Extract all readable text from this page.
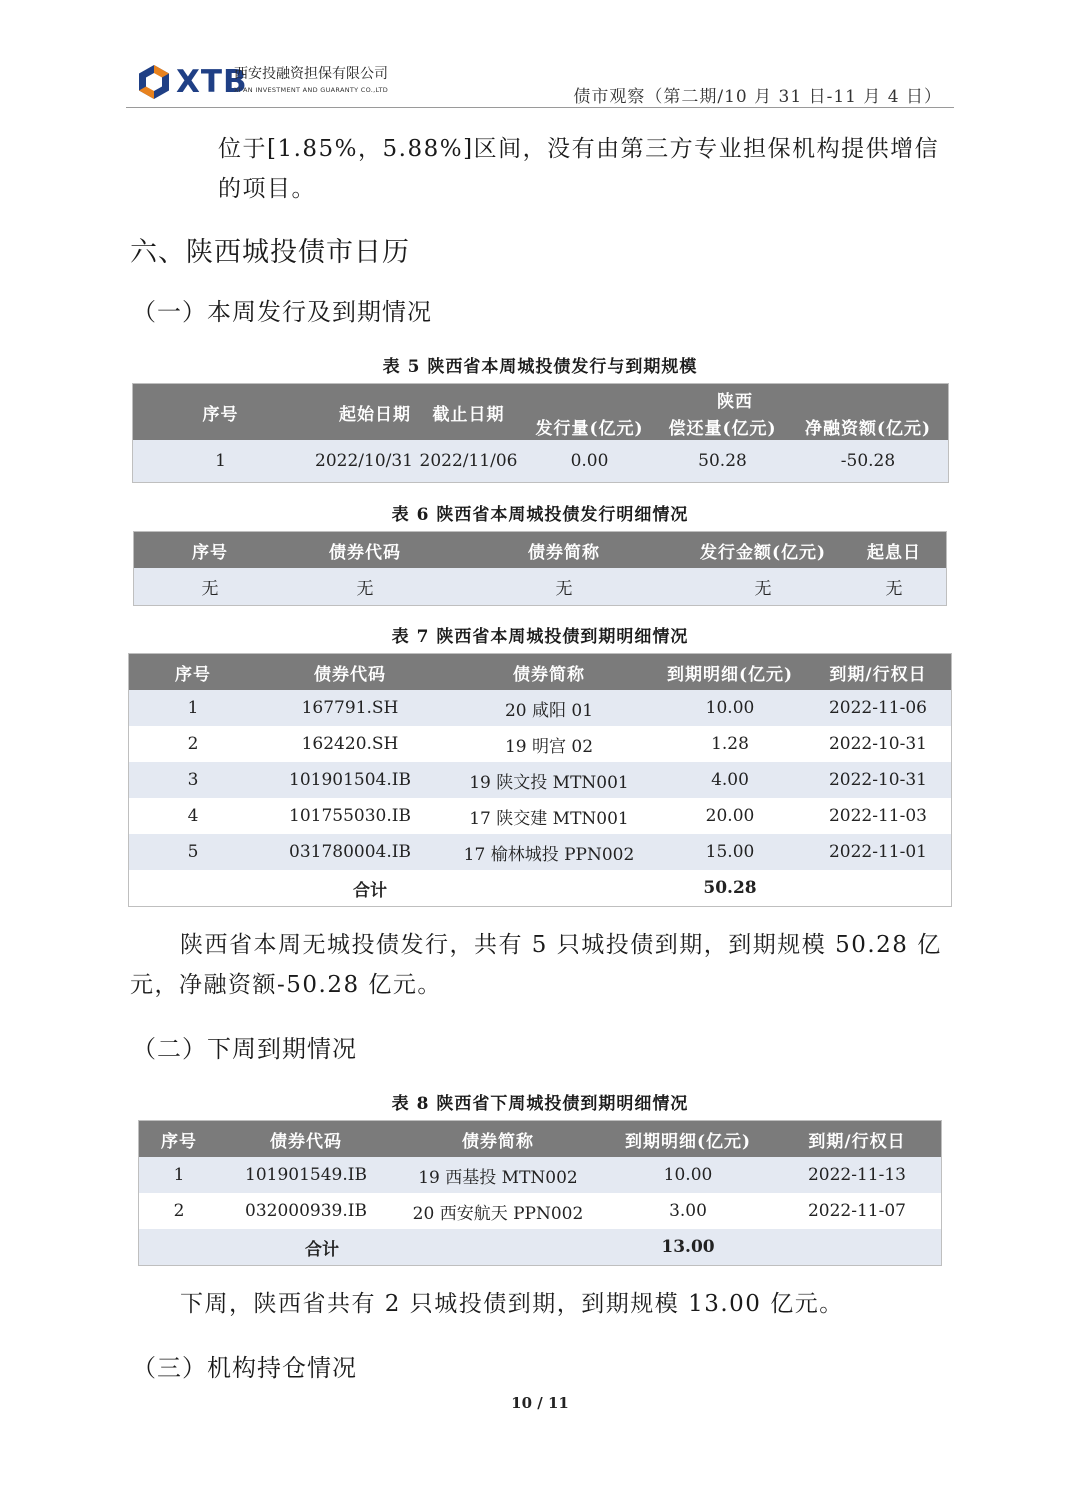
XTB
西安投融资担保有限公司
XI'AN INVESTMENT AND GUARANTY CO.,LTD	债市观察（第二期/10 月 31 日-11 月 4 日）
位于[1.85%，5.88%]区间，没有由第三方专业担保机构提供增信的项目。
六、陕西城投债市日历
（一）本周发行及到期情况
表 5 陕西省本周城投债发行与到期规模
序号	起始日期	截止日期	陕西		
			发行量(亿元)	偿还量(亿元)	净融资额(亿元)
1	2022/10/31	2022/11/06	0.00	50.28	-50.28
表 6 陕西省本周城投债发行明细情况
序号	债券代码	债券简称	发行金额(亿元)	起息日
无	无	无	无	无
表 7 陕西省本周城投债到期明细情况
序号	债券代码	债券简称	到期明细(亿元)	到期/行权日
1	167791.SH	20 咸阳 01	10.00	2022-11-06
2	162420.SH	19 明宫 02	1.28	2022-10-31
3	101901504.IB	19 陕文投 MTN001	4.00	2022-10-31
4	101755030.IB	17 陕交建 MTN001	20.00	2022-11-03
5	031780004.IB	17 榆林城投 PPN002	15.00	2022-11-01
合计			50.28	
陕西省本周无城投债发行，共有 5 只城投债到期，到期规模 50.28 亿元，净融资额-50.28 亿元。
（二）下周到期情况
表 8 陕西省下周城投债到期明细情况
序号	债券代码	债券简称	到期明细(亿元)	到期/行权日
1	101901549.IB	19 西基投 MTN002	10.00	2022-11-13
2	032000939.IB	20 西安航天 PPN002	3.00	2022-11-07
合计			13.00	
下周，陕西省共有 2 只城投债到期，到期规模 13.00 亿元。
（三）机构持仓情况
10 / 11
